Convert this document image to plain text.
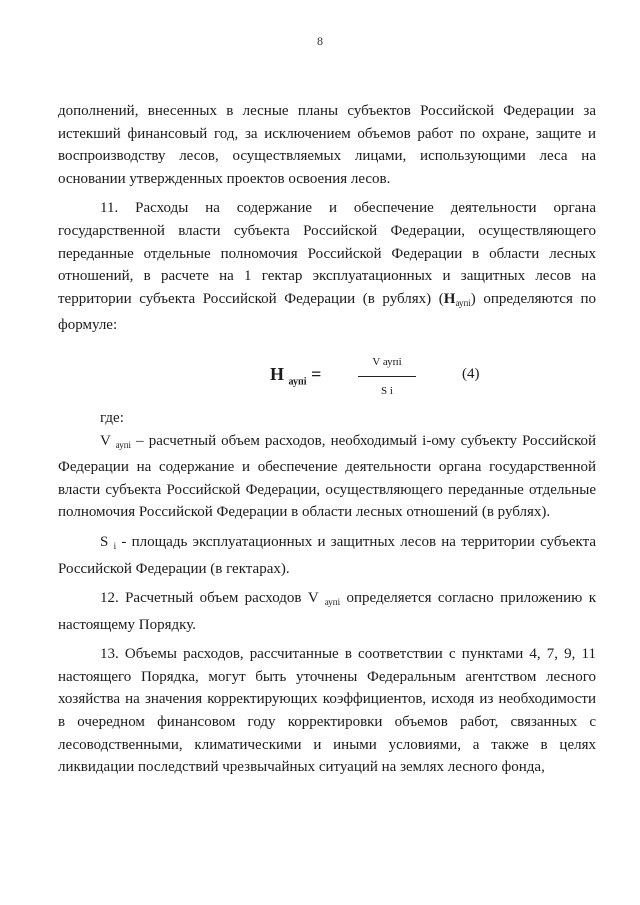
8

дополнений, внесенных в лесные планы субъектов Российской Федерации за истекший финансовый год, за исключением объемов работ по охране, защите и воспроизводству лесов, осуществляемых лицами, использующими леса на основании утвержденных проектов освоения лесов.

11. Расходы на содержание и обеспечение деятельности органа государственной власти субъекта Российской Федерации, осуществляющего переданные отдельные полномочия Российской Федерации в области лесных отношений, в расчете на 1 гектар эксплуатационных и защитных лесов на территории субъекта Российской Федерации (в рублях) $(Н_{аупi})$ определяются по формуле:

Н $_{аупi}$ =
V аупi
S i
(4)

где:

V $_{аупi}$ – расчетный объем расходов, необходимый i-ому субъекту Российской Федерации на содержание и обеспечение деятельности органа государственной власти субъекта Российской Федерации, осуществляющего переданные отдельные полномочия Российской Федерации в области лесных отношений (в рублях).

S $_i$ - площадь эксплуатационных и защитных лесов на территории субъекта Российской Федерации (в гектарах).

12. Расчетный объем расходов V $_{аупi}$ определяется согласно приложению к настоящему Порядку.

13. Объемы расходов, рассчитанные в соответствии с пунктами 4, 7, 9, 11 настоящего Порядка, могут быть уточнены Федеральным агентством лесного хозяйства на значения корректирующих коэффициентов, исходя из необходимости в очередном финансовом году корректировки объемов работ, связанных с лесоводственными, климатическими и иными условиями, а также в целях ликвидации последствий чрезвычайных ситуаций на землях лесного фонда,
